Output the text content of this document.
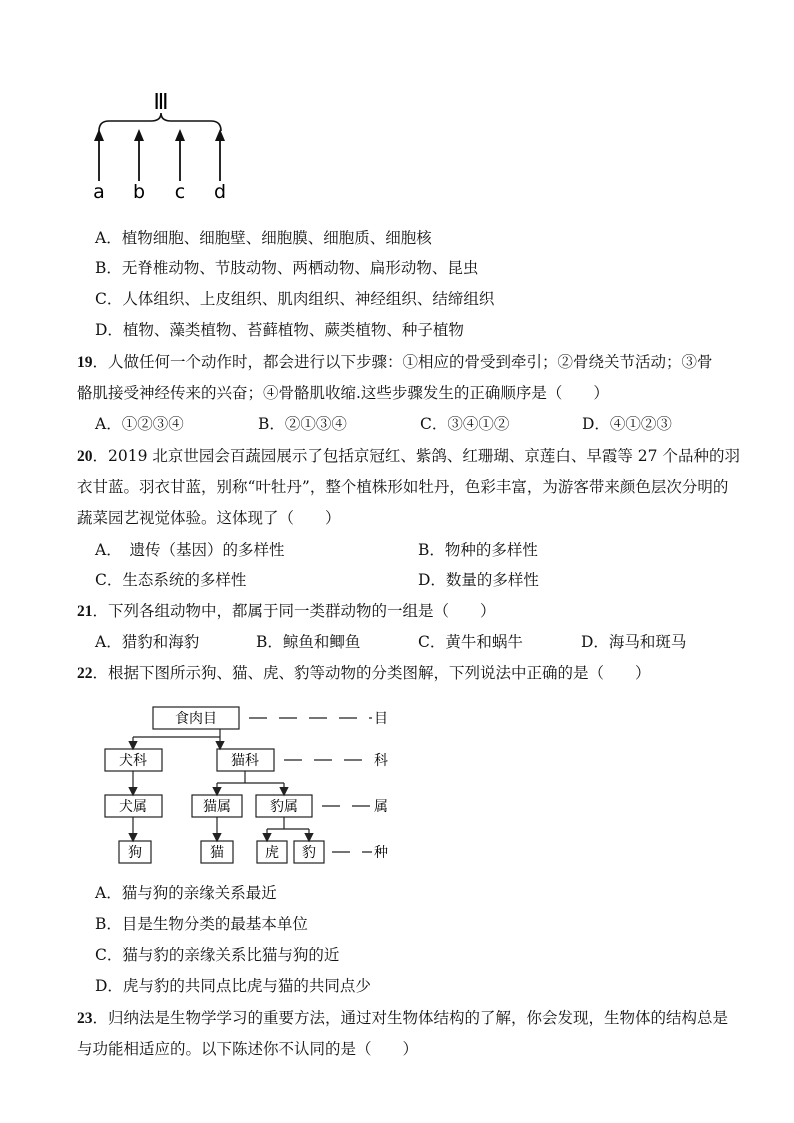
Ⅲ
a b c d
A．植物细胞、细胞壁、细胞膜、细胞质、细胞核
B．无脊椎动物、节肢动物、两栖动物、扁形动物、昆虫
C．人体组织、上皮组织、肌肉组织、神经组织、结缔组织
D．植物、藻类植物、苔藓植物、蕨类植物、种子植物
19．人做任何一个动作时，都会进行以下步骤：①相应的骨受到牵引；②骨绕关节活动；③骨
骼肌接受神经传来的兴奋；④骨骼肌收缩.这些步骤发生的正确顺序是（　　）
A．①②③④	B．②①③④	C．③④①②	D．④①②③
20．2019 北京世园会百蔬园展示了包括京冠红、紫鸽、红珊瑚、京莲白、早霞等 27 个品种的羽
衣甘蓝。羽衣甘蓝，别称“叶牡丹”，整个植株形如牡丹，色彩丰富，为游客带来颜色层次分明的
蔬菜园艺视觉体验。这体现了（　　）
A．　遗传（基因）的多样性	B．物种的多样性
C．生态系统的多样性	D．数量的多样性
21．下列各组动物中，都属于同一类群动物的一组是（　　）
A．猎豹和海豹	B．鲸鱼和鲫鱼	C．黄牛和蜗牛	D．海马和斑马
22．根据下图所示狗、猫、虎、豹等动物的分类图解，下列说法中正确的是（　　）
食肉目
犬科	猫科
犬属	猫属	豹属
狗	猫	虎 豹
目
科
属
种
A．猫与狗的亲缘关系最近
B．目是生物分类的最基本单位
C．猫与豹的亲缘关系比猫与狗的近
D．虎与豹的共同点比虎与猫的共同点少
23．归纳法是生物学学习的重要方法，通过对生物体结构的了解，你会发现，生物体的结构总是
与功能相适应的。以下陈述你不认同的是（　　）
